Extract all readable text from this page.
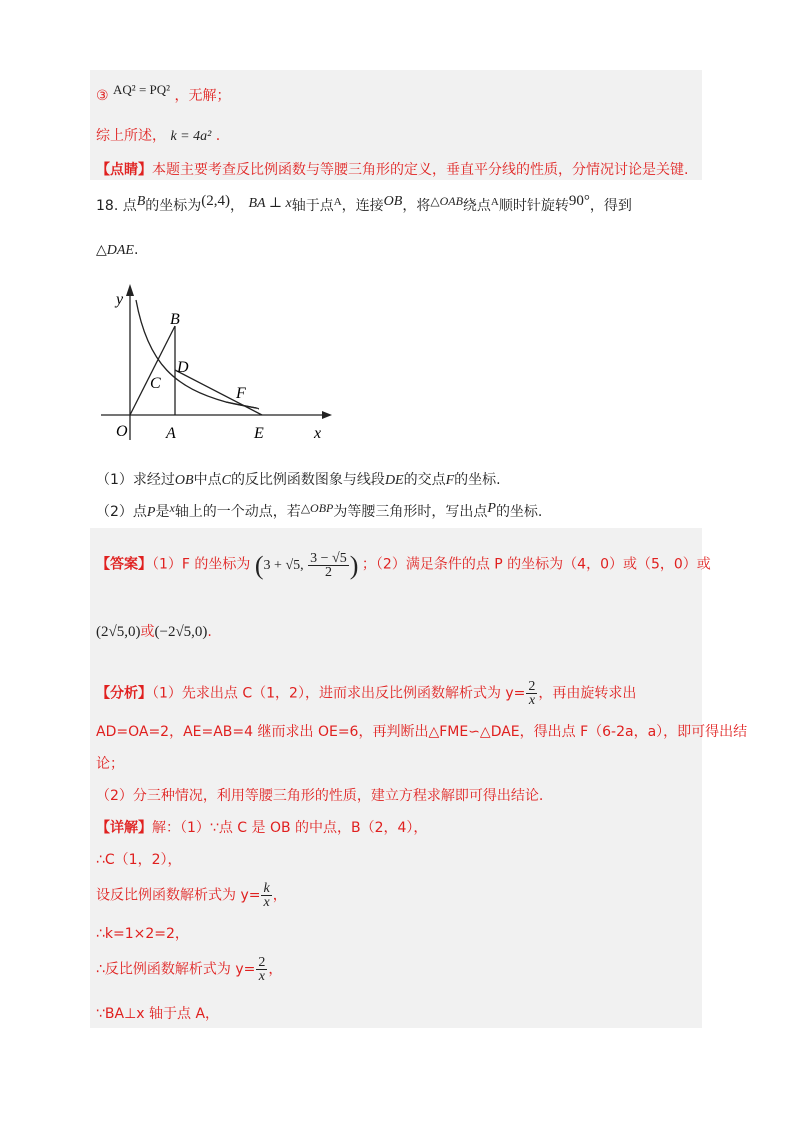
③ AQ² = PQ² ，无解；
综上所述， k = 4a² .
【点睛】本题主要考查反比例函数与等腰三角形的定义，垂直平分线的性质，分情况讨论是关键.
18. 点B的坐标为(2,4)， BA ⊥ x轴于点$^A$，连接OB，将△OAB绕点$^A$顺时针旋转90°，得到
△DAE.
y
x
O A
B
C
D
E
F
（1）求经过OB中点C的反比例函数图象与线段DE的交点F的坐标.
（2）点P是x轴上的一个动点，若△OBP为等腰三角形时，写出点P的坐标.
【答案】（1）F 的坐标为 (3 + √5, $\frac{3 - √5}{2}$ ) ；（2）满足条件的点 P 的坐标为（4，0）或（5，0）或
(2√5,0)或(−2√5,0).
【分析】（1）先求出点 C（1，2），进而求出反比例函数解析式为 $y= \frac{2}{x}$ ，再由旋转求出
AD=OA=2，AE=AB=4 继而求出 OE=6，再判断出△FME∽△DAE，得出点 F（6-2a，a），即可得出结
论；
（2）分三种情况，利用等腰三角形的性质，建立方程求解即可得出结论.
【详解】解：（1）∵点 C 是 OB 的中点，B（2，4），
∴C（1，2），
设反比例函数解析式为 $y= \frac{k}{x}$ ，
∴k=1×2=2，
∴反比例函数解析式为 $y= \frac{2}{x}$ ，
∵BA⊥x 轴于点 A，
